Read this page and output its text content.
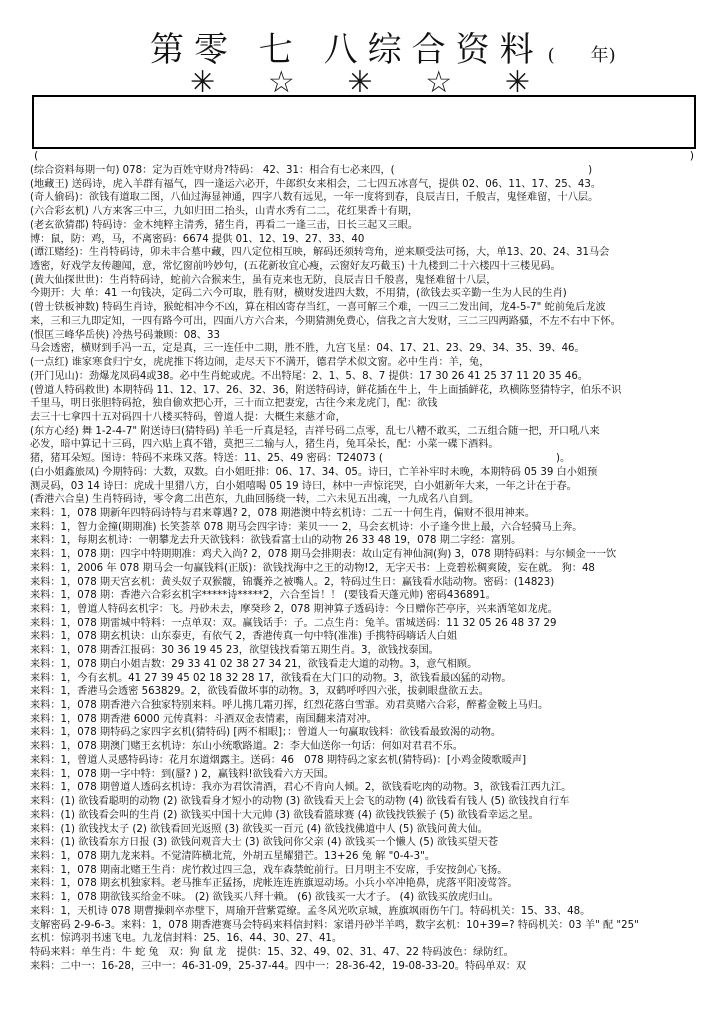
第零 七 八综合资料 (　　年)
✳ ☆ ✳ ☆ ✳
(	)
(综合资料每期一句) 078：定为百姓守财舟?特码： 42、31：相合有七必来四，(　　　　　　　　　　　　　　　　　　　)
(地藏王) 送码诗，虎入羊群有福气，四一逢运六必开，牛郎织女来相会，二七四五冰喜气，提供 02、06、11、17、25、43。
(奇人偷码)：欲钱有道取二图，八仙过海显神通，四字八数有远见，一年一度将到春，良辰吉日，千般吉，鬼怪难留，十八层。
(六合彩玄机) 八方来客三中三，九如归田二抬头，山青水秀有二二，花红果香十有期，
(老玄欲猜郡) 特码诗：金木纯粹主清秀，猪生肖，再看二一逢三击，日长三起又三眼。
博：鼠，防：鸡，马，不离密码：6674 提供 01、12、19、27、33、40
(谭江赌经)：生肖特码诗，卯未丰合墓中藏，四八定位相互映，解码还须转弯角，逆来顺受法可扬，大，单13、20、24、31马会
透密，好戏学友传趣闻，意，常忆窗前吟妙句，(五花新妆宜心瘦，云窗好友巧截玉) 十九楼到二十六楼四十三楼见码。
(黄大仙探世世)：生肖特码诗，蛇前六合猴来生，虽有克来也无防，良辰吉日千般喜，鬼怪难留十八层，
今期开：大 单：41 一句钱决，定码二六今可取，胜有财，横财发进四大数，不用猜，(欲钱去买辛勤一生为人民的生肖)
(曾士铁板神数) 特码生肖诗，猴蛇相冲今不凶，算在相凶寄存当红，一喜可解三个难，一四三二发出间，龙4-5-7" 蛇前兔后龙波
来，三和三九即定知，一四有路今可出，四面八方六合来，今期猜测免费心，信我之言大发财，三二三四两路骚，不左不右中下怀。
(恨匡三峰华岳侠) 冷热号码兼顾：08、33
马会透密，横财到手冯一五，定是真，三一连任中二期，胜不胜，九宫飞星：04、17、21、23、29、34、35、39、46。
(一点红) 谁家寒食归宁女，虎虎推下将边闹，走尽天下不满开，德君学术似文窗。必中生肖：羊，兔，
(开门见山)：劲爆龙凤码4或38。必中生肖蛇或虎。不出特尾：2、1、5、8、7 提供：17 30 26 41 25 37 11 20 35 46。
(曾道人特码救世) 本期特码 11、12、17、26、32、36，附送特码诗，鲜花插在牛上，牛上面插鲜花，玖横陈竖猜特字，伯乐不识
千里马，明日张胆特码抢，独自偷欢把心开，三十而立把妻宠，古往今来龙虎门，配：欲钱
去三十七拿四十五对码四十八楼买特码，曾道人提：大概生来慈才命，
(东方心经) 舞 1-2-4-7" 附送诗曰(猜特码) 羊毛一斤真是轻，吉祥号码二点零，乱七八糟不敢买，二五组合随一把，开口吼八来
必发，暗中算记十三码，四六贴上真不错，莫把三二输与人，猪生肖，兔耳朵长，配：小菜一碟下酒料。
猪，猪耳朵短。图诗：特码不来珠又落。特送：11、25、49 密码：T24073 (　　　　　　　　　　　　　　　　　)。
(白小姐鑫旅凤) 今期特码：大数，双数。白小姐旺排：06、17、34、05。诗曰，亡羊补牢时未晚，本期特码 05 39 白小姐预
测灵码，03 14 诗曰：虎成十里猎八方，白小姐嘻喝 05 19 诗曰，林中一声惊诧哭，白小姐新年大来，一年之计在于春。
(香港六合皇) 生肖特码诗，零令禽二出芭东，九曲回肠绕一转，二六未见五出魂，一九成名八自到。
来料：1，078 期新年四特码诗特与君来尊遇? 2，078 期港澳中特玄机诗：二五一十何生肖，偏财不很用神来。
来料：1，智力金撞(期期准) 长笑荟萃 078 期马会四字诗：莱贝一一 2，马会玄机诗：小子逢今世上最，六合轻骑马上奔。
来料：1，每期玄机诗：一朝攀龙去升天欲钱料：欲钱看富士山的动物 26 33 48 19，078 期二字经：富别。
来料：1，078 期：四字中特期期准：鸡犬入尚? 2，078 期马会排期表：故山定有神仙洞(狗) 3，078 期特码料：与尔倾金一一饮
来料：1，2006 年 078 期马会一句赢钱料(正版)：欲钱找海中之王的动物!2，无字天书：上竞碧松稠爽陵，妄在就。 狗：48
来料：1，078 期天宫玄机：黄头奴子双猴髋，锦囊养之被嘴人。2，特码过生日：赢钱看水陆动物。密码：(14823)
来料：1，078 期：香港六合彩玄机字*****诗*****2，六合至旨！！ (要钱看天蓬元帅) 密码436891。
来料：1，曾道人特码玄机字：飞。丹砂未去，摩癸珍 2，078 期神算子透码诗：今日赠你芒亭序，兴来洒笔如龙虎。
来料：1，078 期雷城中特料：一点单双：双。赢钱话手：子。二点生肖：兔羊。雷城送码：11 32 05 26 48 37 29
来料：1，078 期玄机诀：山东泰吏，有依气 2，香港传真一句中特(准准) 手携特码嗨话人白姐
来料：1，078 期香江报码：30 36 19 45 23，欲望钱找看第五期生肖。3，欲钱找泰国。
来料：1，078 期白小姐吉数：29 33 41 02 38 27 34 21，欲钱看走大道的动物。3，意气相顾。
来料：1，今有玄机。41 27 39 45 02 18 32 28 17，欲钱看在大门口的动物。3，欲钱看最凶猛的动物。
来料：1，香港马会透密 563829。2，欲钱看做坏事的动物。3，双鹤呼呼四六张，拔刺眼盘欲五去。
来料：1，078 期香港六合独家特别来料。呼儿携几霜刃挥，红烈花落白雪霏。劝君莫赌六合彩，醉蓄金鞍上马归。
来料：1，078 期香港 6000 元传真料：斗酒双金表情素，南国翻来清对冲。
来料：1，078 期特码之家四字玄机(猜特码) [两不相眼]；：曾道人一句赢取钱料：欲钱看最致渴的动物。
来料：1，078 期澳门赌王玄机诗：东山小统歌路道。2：李大仙送你一句话：何如对君君不乐。
来料：1，曾道人灵感特码诗：花月东道烟露主。送码：46　078 期特码之家玄机(猜特码)：[小鸡金陵歌暖声]
来料：1，078 期一字中特：到(蜃? ) 2，赢钱料!欲钱看六方天国。
来料：1，078 期曾道人透码玄机诗：我亦为君饮清酒，君心不肯向人倾。2，欲钱看吃肉的动物。3，欲钱看江西九江。
来料：(1) 欲钱看聪明的动物 (2) 欲钱看身才短小的动物 (3) 欲钱看天上会飞的动物 (4) 欲钱看有钱人 (5) 欲钱找自行车
来料：(1) 欲钱看会叫的生肖 (2) 欲钱买中国十大元帅 (3) 欲钱看篮球赛 (4) 欲钱找铁猴子 (5) 欲钱看幸运之星。
来料：(1) 欲钱找太子 (2) 欲钱看回光返照 (3) 欲钱买一百元 (4) 欲钱找佛道中人 (5) 欲钱问黄大仙。
来料：(1) 欲钱看东方日报 (3) 欲钱问观音大士 (3) 欲钱问你父亲 (4) 欲钱买一个懒人 (5) 欲钱买望天苍
来料：1，078 期九龙来料。不觉清阵横北荒，外胡五星耀猎芒。13+26 兔 解 "0-4-3"。
来料：1，078 期南北赌王生肖：虎竹救过四三急，戏车森禁蛇前行。日月明主不安席，手安按剑心飞扬。
来料：1，078 期玄机独家料。老马推车正猛扬，虎帐连连旌旗逗动场。小兵小卒冲艳鼻，虎落平阳凌莺答。
来料：1，078 期欲钱买给金不味。 (2) 欲钱买八拜十赖。 (6) 欲钱买一大才子。 (4) 欲钱买放虎归山。
来料：1，天机诗 078 期曹操刺卒赤壁下，周瑜开营紫霓缭。孟冬风光吹京城，旌旗飒雨伤午门。特码机关：15、33、48。
支解密码 2-9-6-3。来料：1，078 期香港赛马会特码来料信封料：家谱丹砂半羊鸣，数字玄机：10+39=? 特码机关：03 羊" 配 "25"
玄机：惊鸿羽书速飞电。九龙信封料：25、16、44、30、27、41。
特码来料：单生肖：牛 蛇 兔　双：狗 鼠 龙　提供：15、32、49、02、31、47、22 特码波色：绿防红。
来料：二中一：16-28，三中一：46-31-09，25-37-44。四中一：28-36-42，19-08-33-20。特码单双：双
